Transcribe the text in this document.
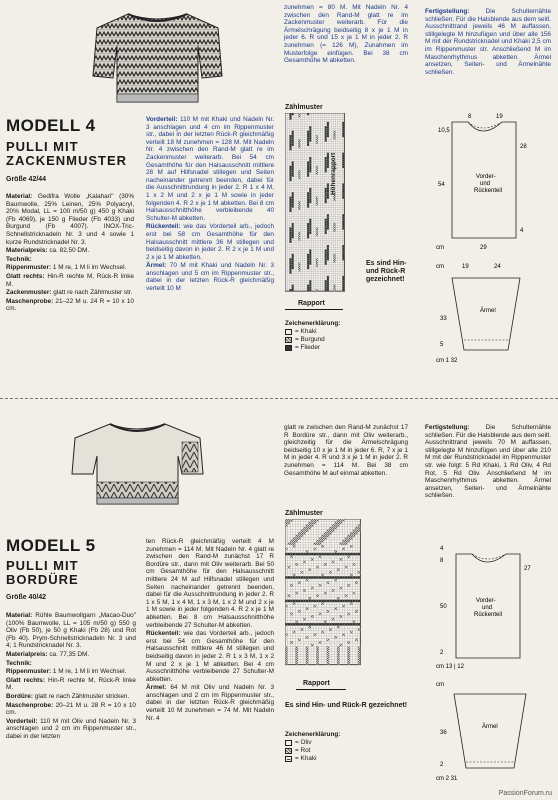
MODELL 4
PULLI MIT
ZACKENMUSTER
Größe 42/44

Material: Gedifra Wolle „Kalahari" (30% Baumwolle, 25% Leinen, 25% Polyacryl, 20% Modal, LL = 100 m/50 g) 450 g Khaki (Fb 4069), je 150 g Flieder (Fb 4033) und Burgund (Fb 4007). INOX-Tric-Schnellstricknadeln Nr. 3 und 4 sowie 1 kurze Rundstricknadel Nr. 3.

Materialpreis: ca. 82,50 DM.

Technik:

Rippenmuster: 1 M re, 1 M li im Wechsel.

Glatt rechts: Hin-R rechte M, Rück-R linke M.

Zackenmuster: glatt re nach Zählmuster str.

Maschenprobe: 21–22 M u. 24 R = 10 x 10 cm.

Vorderteil: 110 M mit Khaki und Nadeln Nr. 3 anschlagen und 4 cm im Rippenmuster str., dabei in der letzten Rück-R gleichmäßig verteilt 18 M zunehmen = 128 M. Mit Nadeln Nr. 4 zwischen den Rand-M glatt re im Zackenmuster weiterarb. Bei 54 cm Gesamthöhe für den Halsausschnitt mittlere 28 M auf Hilfsnadel stillegen und Seiten nacheinander getrennt beenden, dabei für die Ausschnittrundung in jeder 2. R 1 x 4 M, 1 x 2 M und 2 x je 1 M sowie in jeder folgenden 4. R 2 x je 1 M abketten. Bei 8 cm Halsausschnitthöhe verbleibende 40 Schulter-M abketten.

Rückenteil: wie das Vorderteil arb., jedoch erst bei 58 cm Gesamthöhe für den Halsausschnitt mittlere 36 M stillegen und beidseitig davon in jeder 2. R 2 x je 1 M und 2 x je 1 M abketten.

Ärmel: 70 M mit Khaki und Nadeln Nr. 3 anschlagen und 5 cm im Rippenmuster str., dabei in der letzten Rück-R gleichmäßig verteilt 10 M

zunehmen = 80 M. Mit Nadeln Nr. 4 zwischen den Rand-M glatt re im Zackenmuster weiterarb. Für die Ärmelschrägung beidseitig 8 x je 1 M in jeder 6. R und 15 x je 1 M in jeder 2. R zunehmen (= 126 M), Zunahmen im Musterfolge einfügen. Bei 38 cm Gesamthöhe M abketten.

Fertigstellung: Die Schulternähte schließen. Für die Halsblende aus dem seitl. Ausschnittrand jeweils 46 M auffassen, stillgelegte M hinzufügen und über alle 156 M mit der Rundstricknadel und Khaki 2,5 cm im Rippenmuster str. Anschließend M im Maschenrhythmus abketten. Ärmel ansetzen, Seiten- und Ärmelnähte schließen.

Zählmuster
Höhenrapport
Rapport
Es sind Hin- und Rück-R gezeichnet!
Zeichenerklärung:
= Khaki
= Burgund
= Flieder
Vorder-
und
Rückenteil
54
28
4
29
cm
8
10,5
19
Ärmel
cm	19	24
33
5
cm 1 32
MODELL 5
PULLI MIT
BORDÜRE
Größe 40/42

Material: Rühle Baumwollgarn „Macao-Duo" (100% Baumwolle, LL = 105 m/50 g) 550 g Oliv (Fb 50), je 50 g Khaki (Fb 28) und Rot (Fb 40). Prym-Schnellstricknadeln Nr. 3 und 4; 1 Rundstricknadel Nr. 3.

Materialpreis: ca. 77,35 DM.

Technik:

Rippenmuster: 1 M re, 1 M li im Wechsel.

Glatt rechts: Hin-R rechte M, Rück-R linke M.

Bordüre: glatt re nach Zählmuster stricken.

Maschenprobe: 20–21 M u. 28 R = 10 x 10 cm.

Vorderteil: 110 M mit Oliv und Nadeln Nr. 3 anschlagen und 2 cm im Rippenmuster str., dabei in der letzten

ten Rück-R gleichmäßig verteilt 4 M zunehmen = 114 M. Mit Nadeln Nr. 4 glatt re zwischen den Rand-M zunächst 17 R Bordüre str., dann mit Oliv weiterarb. Bei 50 cm Gesamthöhe für den Halsausschnitt mittlere 24 M auf Hilfsnadel stillegen und Seiten nacheinander getrennt beenden, dabei für die Ausschnittrundung in jeder 2. R 1 x 5 M, 1 x 4 M, 1 x 3 M, 1 x 2 M und 2 x je 1 M sowie in jeder folgenden 4. R 2 x je 1 M abketten. Bei 8 cm Halsausschnitthöhe verbleibende 27 Schulter-M abketten.

Rückenteil: wie das Vorderteil arb., jedoch erst bei 54 cm Gesamthöhe für den Halsausschnitt mittlere 46 M stillegen und beidseitig davon in jeder 2. R 1 x 3 M, 1 x 2 M und 2 x je 1 M abketten. Bei 4 cm Ausschnitthöhe verbleibende 27 Schulter-M abketten.

Ärmel: 64 M mit Oliv und Nadeln Nr. 3 anschlagen und 2 cm im Rippenmuster str., dabei in der letzten Rück-R gleichmäßig verteilt 10 M zunehmen = 74 M. Mit Nadeln Nr. 4

glatt re zwischen den Rand-M zunächst 17 R Bordüre str., dann mit Oliv weiterarb., gleichzeitig für die Ärmelschrägung beidseitig 10 x je 1 M in jeder 6. R, 7 x je 1 M in jeder 4. R und 3 x je 1 M in jeder 2. R zunehmen = 114 M. Bei 38 cm Gesamthöhe M auf einmal abketten.

Fertigstellung: Die Schulternähte schließen. Für die Halsblende aus dem seitl. Ausschnittrand jeweils 70 M auffassen, stillgelegte M hinzufügen und über alle 210 M mit der Rundstricknadel im Rippenmuster str. wie folgt: 5 Rd Khaki, 1 Rd Oliv, 4 Rd Rot, 5 Rd Oliv. Anschließend M im Maschenrhythmus abketten. Ärmel ansetzen, Seiten- und Ärmelnähte schließen.

Zählmuster
Rapport
Es sind Hin- und Rück-R gezeichnet!
Zeichenerklärung:
= Oliv
= Rot
= Khaki
Vorder-
und
Rückenteil
50
4
8
27
2
cm 13 | 12
Ärmel
cm
36
2
cm 2 31
PassionForum.ru
